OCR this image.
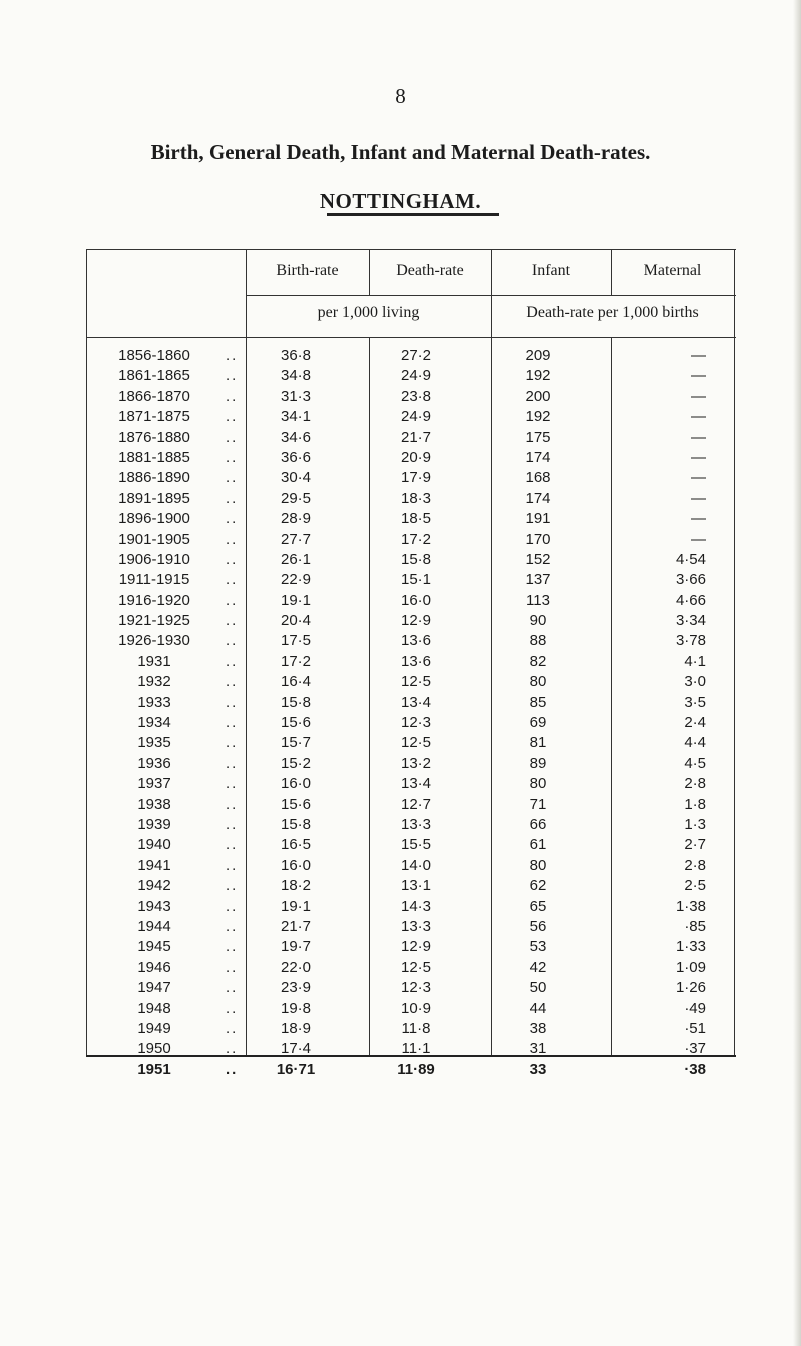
8
Birth, General Death, Infant and Maternal Death-rates.
NOTTINGHAM.
Birth-rate	Death-rate	Infant	Maternal
per 1,000 living	Death-rate per 1,000 births
1856-1860	..	36·8	27·2	209	—
1861-1865	..	34·8	24·9	192	—
1866-1870	..	31·3	23·8	200	—
1871-1875	..	34·1	24·9	192	—
1876-1880	..	34·6	21·7	175	—
1881-1885	..	36·6	20·9	174	—
1886-1890	..	30·4	17·9	168	—
1891-1895	..	29·5	18·3	174	—
1896-1900	..	28·9	18·5	191	—
1901-1905	..	27·7	17·2	170	—
1906-1910	..	26·1	15·8	152	4·54
1911-1915	..	22·9	15·1	137	3·66
1916-1920	..	19·1	16·0	113	4·66
1921-1925	..	20·4	12·9	90	3·34
1926-1930	..	17·5	13·6	88	3·78
1931	..	17·2	13·6	82	4·1
1932	..	16·4	12·5	80	3·0
1933	..	15·8	13·4	85	3·5
1934	..	15·6	12·3	69	2·4
1935	..	15·7	12·5	81	4·4
1936	..	15·2	13·2	89	4·5
1937	..	16·0	13·4	80	2·8
1938	..	15·6	12·7	71	1·8
1939	..	15·8	13·3	66	1·3
1940	..	16·5	15·5	61	2·7
1941	..	16·0	14·0	80	2·8
1942	..	18·2	13·1	62	2·5
1943	..	19·1	14·3	65	1·38
1944	..	21·7	13·3	56	·85
1945	..	19·7	12·9	53	1·33
1946	..	22·0	12·5	42	1·09
1947	..	23·9	12·3	50	1·26
1948	..	19·8	10·9	44	·49
1949	..	18·9	11·8	38	·51
1950	..	17·4	11·1	31	·37
1951	..	16·71	11·89	33	·38
